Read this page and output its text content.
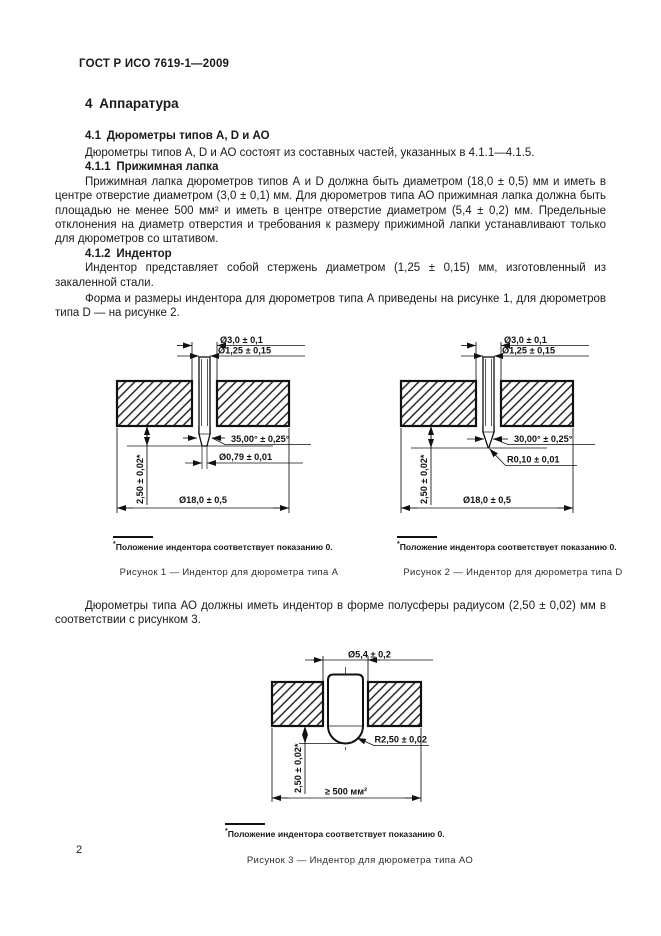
ГОСТ Р ИСО 7619-1—2009
4 Аппаратура
4.1 Дюрометры типов А, D и АО

Дюрометры типов А, D и АО состоят из составных частей, указанных в 4.1.1—4.1.5.

4.1.1 Прижимная лапка

Прижимная лапка дюрометров типов А и D должна быть диаметром (18,0 ± 0,5) мм и иметь в центре отверстие диаметром (3,0 ± 0,1) мм. Для дюрометров типа АО прижимная лапка должна быть площадью не менее 500 мм² и иметь в центре отверстие диаметром (5,4 ± 0,2) мм. Предельные отклонения на диаметр отверстия и требования к размеру прижимной лапки устанавливают только для дюрометров со штативом.

4.1.2 Индентор

Индентор представляет собой стержень диаметром (1,25 ± 0,15) мм, изготовленный из закаленной стали.

Форма и размеры индентора для дюрометров типа А приведены на рисунке 1, для дюрометров типа D — на рисунке 2.

Ø3,0 ± 0,1
Ø1,25 ± 0,15
35,00° ± 0,25°
Ø0,79 ± 0,01
2,50 ± 0,02*	Ø18,0 ± 0,5
*Положение индентора соответствует показанию 0.
Рисунок 1 — Индентор для дюрометра типа А
Ø3,0 ± 0,1
Ø1,25 ± 0,15
30,00° ± 0,25°
R0,10 ± 0,01
2,50 ± 0,02*	Ø18,0 ± 0,5
*Положение индентора соответствует показанию 0.
Рисунок 2 — Индентор для дюрометра типа D

Дюрометры типа АО должны иметь индентор в форме полусферы радиусом (2,50 ± 0,02) мм в соответствии с рисунком 3.

Ø5,4 ± 0,2
R2,50 ± 0,02
2,50 ± 0,02* ≥ 500 мм²
*Положение индентора соответствует показанию 0.
Рисунок 3 — Индентор для дюрометра типа АО
2
